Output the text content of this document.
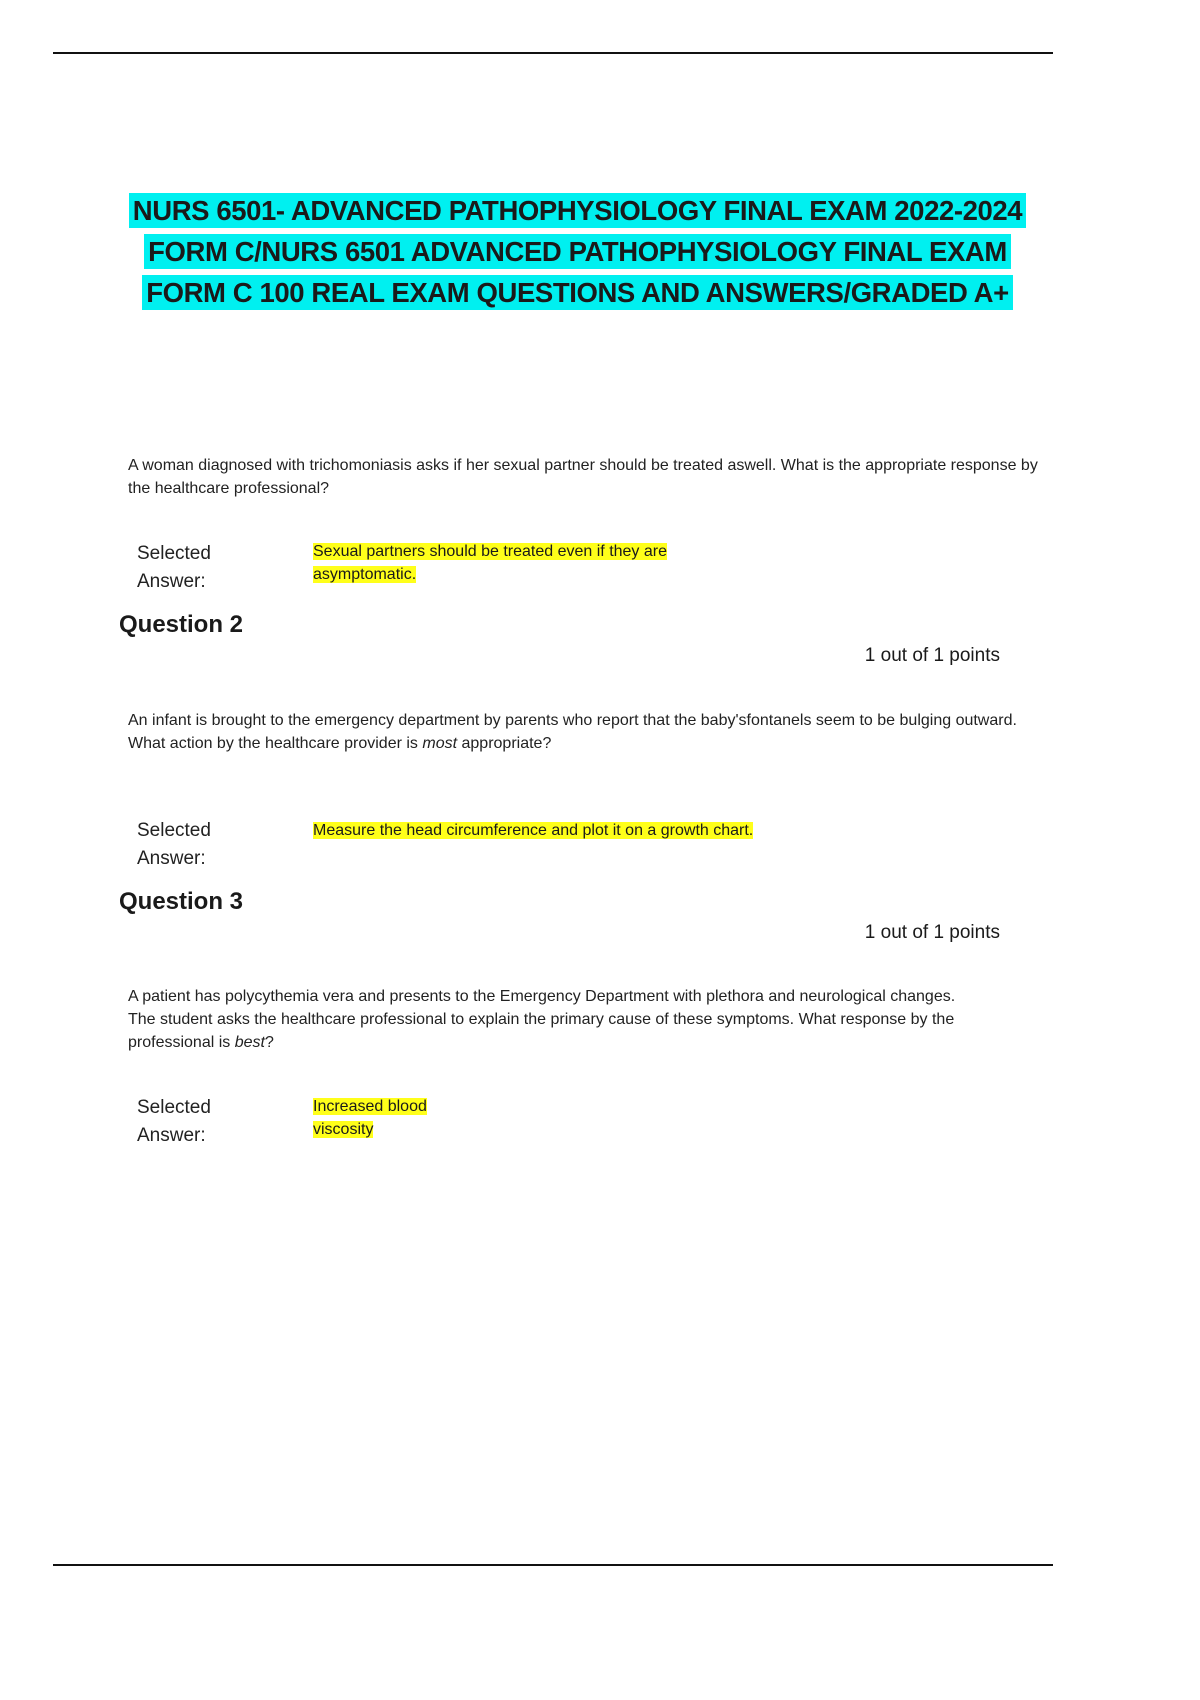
NURS 6501- ADVANCED PATHOPHYSIOLOGY FINAL EXAM 2022-2024 FORM C/NURS 6501 ADVANCED PATHOPHYSIOLOGY FINAL EXAM FORM C 100 REAL EXAM QUESTIONS AND ANSWERS/GRADED A+
A woman diagnosed with trichomoniasis asks if her sexual partner should be treated aswell. What is the appropriate response by the healthcare professional?
Selected
Answer:
Sexual partners should be treated even if they are asymptomatic.
Question 2
1 out of 1 points
An infant is brought to the emergency department by parents who report that the baby'sfontanels seem to be bulging outward. What action by the healthcare provider is most appropriate?
Selected
Answer:
Measure the head circumference and plot it on a growth chart.
Question 3
1 out of 1 points
A patient has polycythemia vera and presents to the Emergency Department with plethora and neurological changes. The student asks the healthcare professional to explain the primary cause of these symptoms. What response by the professional is best?
Selected
Answer:
Increased blood viscosity
